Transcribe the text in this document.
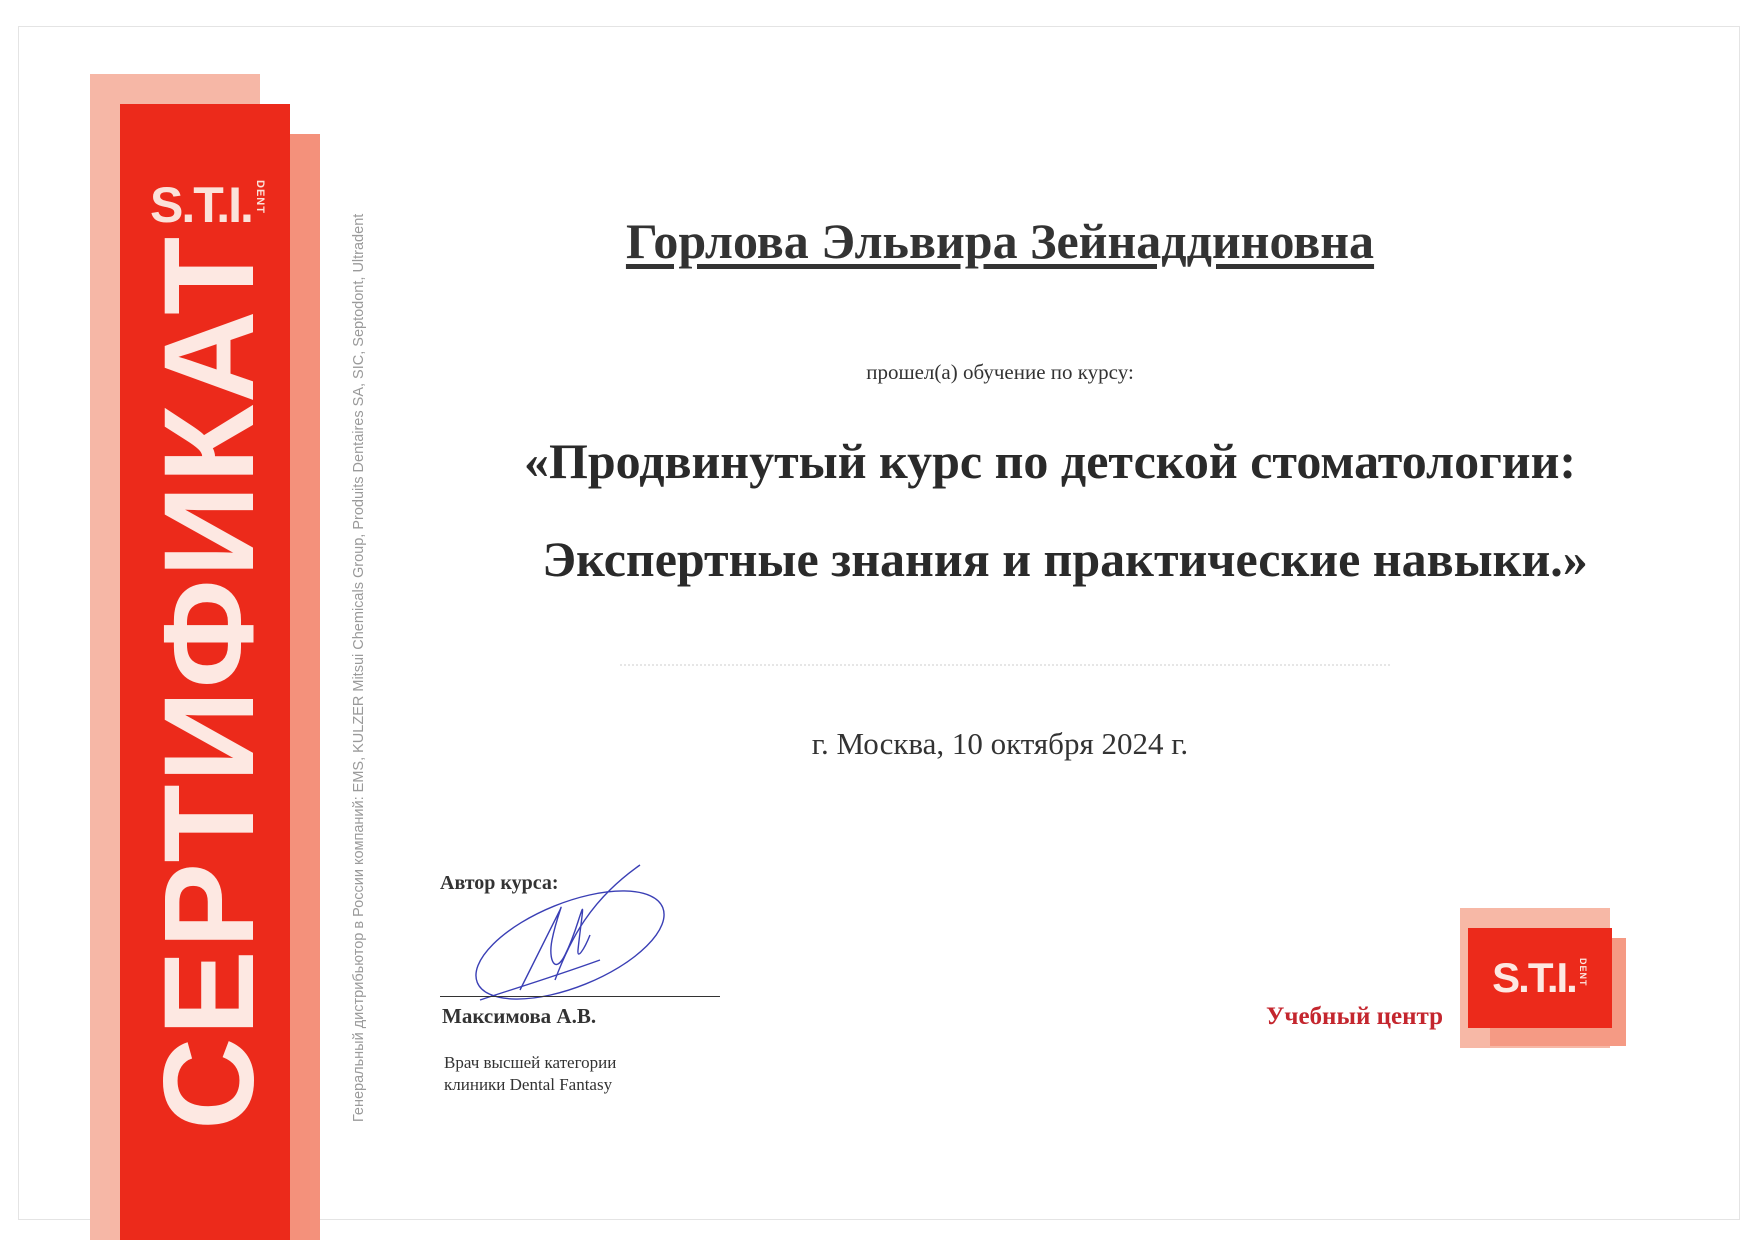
S.T.I. DENT
СЕРТИФИКАТ	Генеральный дистрибьютор в России компаний: EMS, KULZER Mitsui Chemicals Group, Produits Dentaires SA, SIC, Septodont, Ultradent	Горлова Эльвира Зейнаддиновна
прошел(а) обучение по курсу:
«Продвинутый курс по детской стоматологии:
Экспертные знания и практические навыки.»
г. Москва, 10 октября 2024 г.
Автор курса:
Максимова А.В.
Врач высшей категории
клиники Dental Fantasy
Учебный центр
S.T.I. DENT
